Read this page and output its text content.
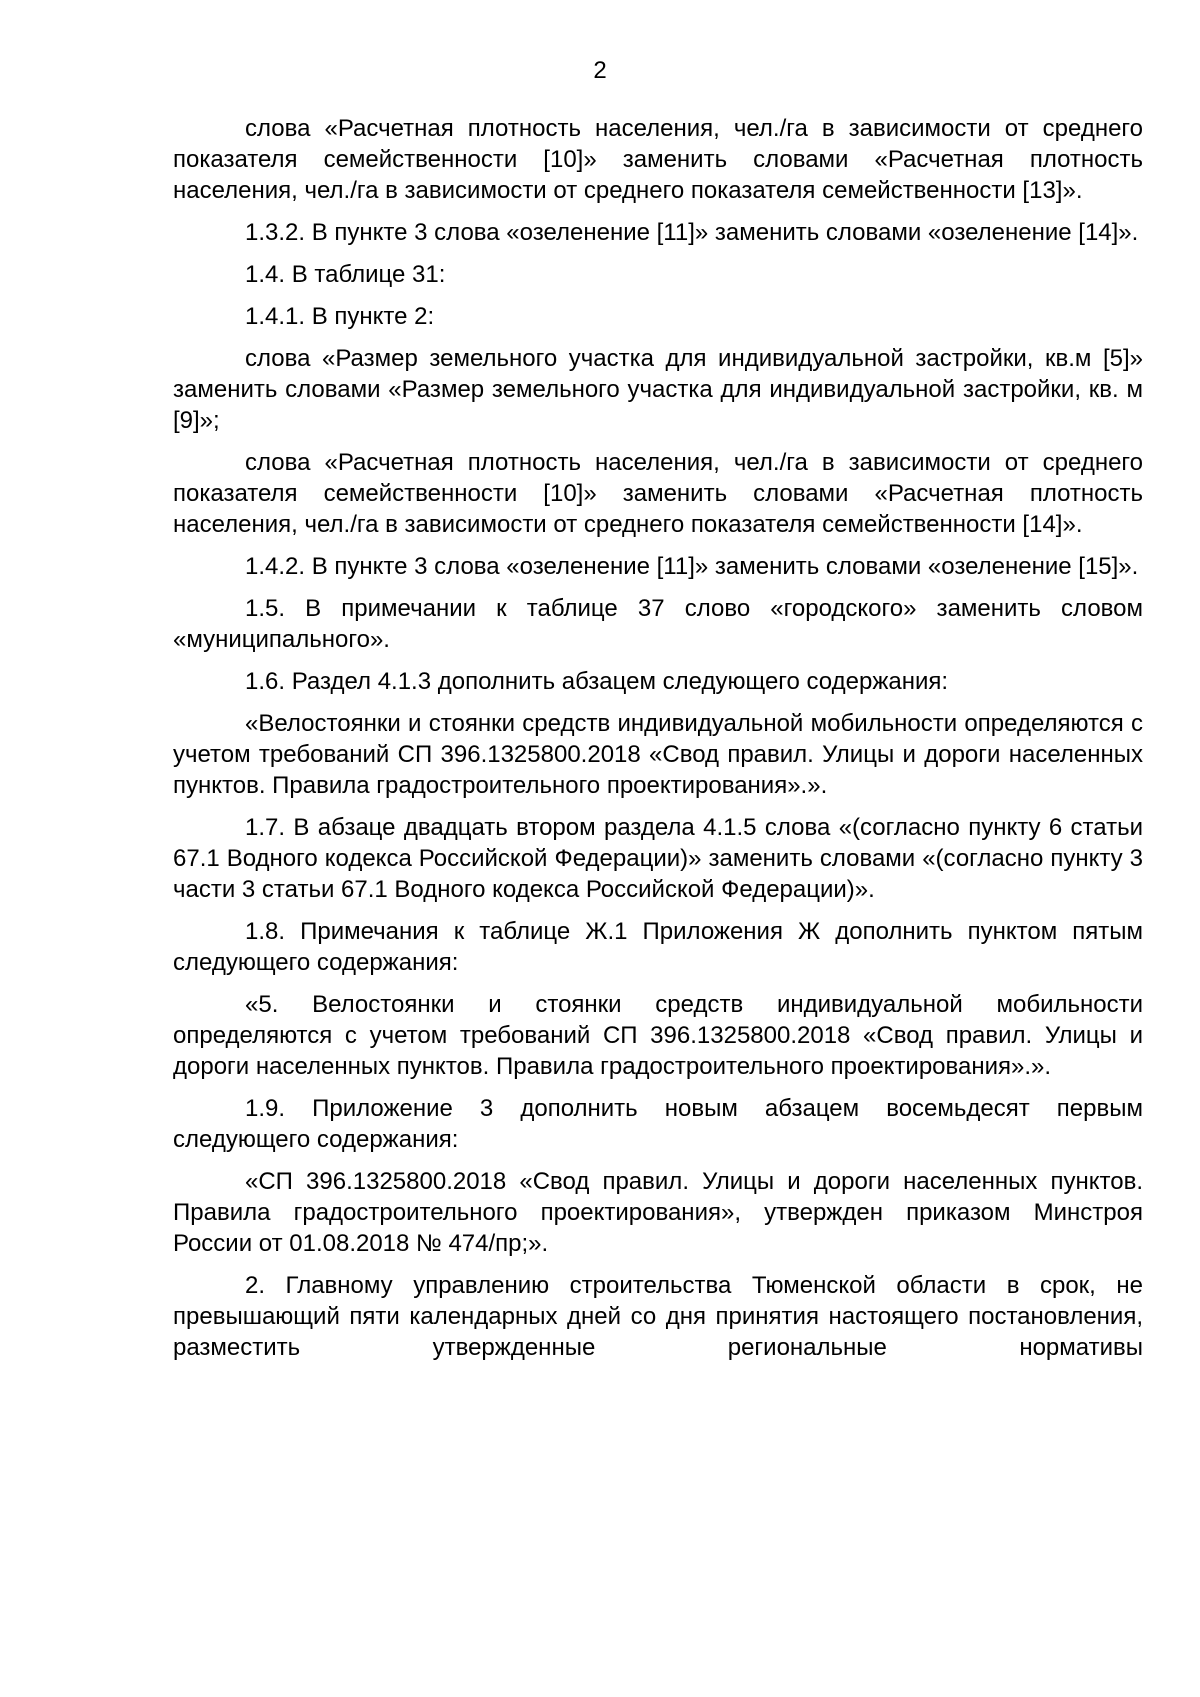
2

слова «Расчетная плотность населения, чел./га в зависимости от среднего показателя семейственности [10]» заменить словами «Расчетная плотность населения, чел./га в зависимости от среднего показателя семейственности [13]».

1.3.2. В пункте 3 слова «озеленение [11]» заменить словами «озеленение [14]».

1.4. В таблице 31:

1.4.1. В пункте 2:

слова «Размер земельного участка для индивидуальной застройки, кв.м [5]» заменить словами «Размер земельного участка для индивидуальной застройки, кв. м [9]»;

слова «Расчетная плотность населения, чел./га в зависимости от среднего показателя семейственности [10]» заменить словами «Расчетная плотность населения, чел./га в зависимости от среднего показателя семейственности [14]».

1.4.2. В пункте 3 слова «озеленение [11]» заменить словами «озеленение [15]».

1.5. В примечании к таблице 37 слово «городского» заменить словом «муниципального».

1.6. Раздел 4.1.3 дополнить абзацем следующего содержания:

«Велостоянки и стоянки средств индивидуальной мобильности определяются с учетом требований СП 396.1325800.2018 «Свод правил. Улицы и дороги населенных пунктов. Правила градостроительного проектирования».».

1.7. В абзаце двадцать втором раздела 4.1.5 слова «(согласно пункту 6 статьи 67.1 Водного кодекса Российской Федерации)» заменить словами «(согласно пункту 3 части 3 статьи 67.1 Водного кодекса Российской Федерации)».

1.8. Примечания к таблице Ж.1 Приложения Ж дополнить пунктом пятым следующего содержания:

«5. Велостоянки и стоянки средств индивидуальной мобильности определяются с учетом требований СП 396.1325800.2018 «Свод правил. Улицы и дороги населенных пунктов. Правила градостроительного проектирования».».

1.9. Приложение 3 дополнить новым абзацем восемьдесят первым следующего содержания:

«СП 396.1325800.2018 «Свод правил. Улицы и дороги населенных пунктов. Правила градостроительного проектирования», утвержден приказом Минстроя России от 01.08.2018 № 474/пр;».

2. Главному управлению строительства Тюменской области в срок, не превышающий пяти календарных дней со дня принятия настоящего постановления, разместить утвержденные региональные нормативы
